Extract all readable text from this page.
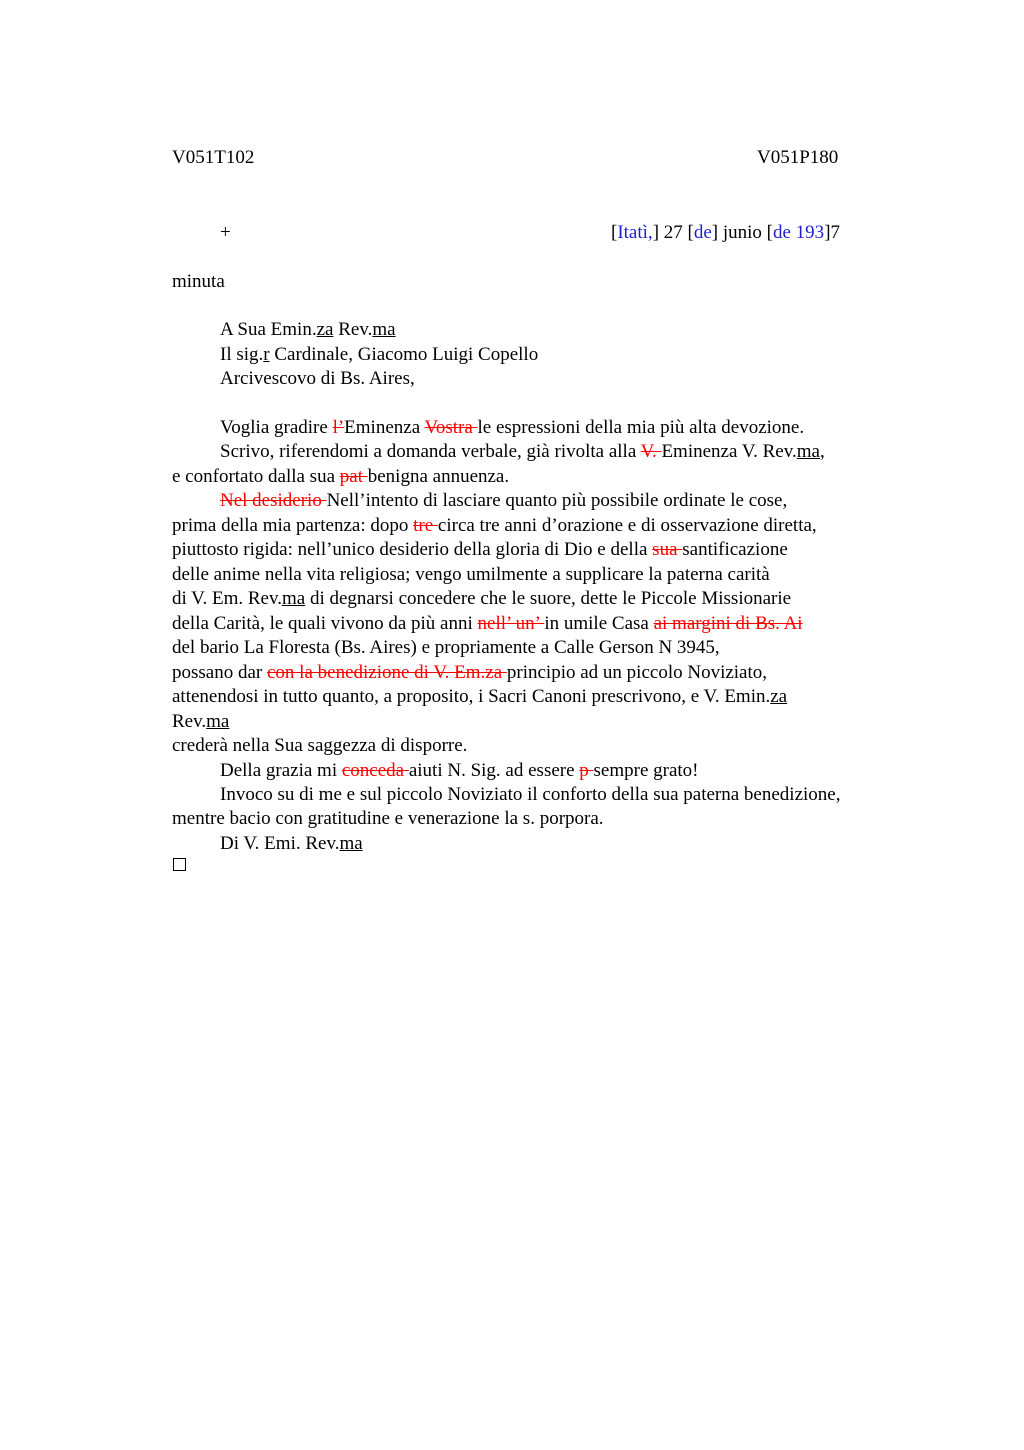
V051T102	V051P180
+	[Itatì,] 27 [de] junio [de 193]7
minuta
A Sua Emin.za Rev.ma
Il sig.r Cardinale, Giacomo Luigi Copello
Arcivescovo di Bs. Aires,
Voglia gradire l’Eminenza Vostra le espressioni della mia più alta devozione.
Scrivo, riferendomi a domanda verbale, già rivolta alla V. Eminenza V. Rev.ma,
e confortato dalla sua pat benigna annuenza.
Nel desiderio Nell’intento di lasciare quanto più possibile ordinate le cose,
prima della mia partenza: dopo tre circa tre anni d’orazione e di osservazione diretta,
piuttosto rigida: nell’unico desiderio della gloria di Dio e della sua santificazione
delle anime nella vita religiosa; vengo umilmente a supplicare la paterna carità
di V. Em. Rev.ma di degnarsi concedere che le suore, dette le Piccole Missionarie
della Carità, le quali vivono da più anni nell’ un’ in umile Casa ai margini di Bs. Ai
del bario La Floresta (Bs. Aires) e propriamente a Calle Gerson N 3945,
possano dar con la benedizione di V. Em.za principio ad un piccolo Noviziato,
attenendosi in tutto quanto, a proposito, i Sacri Canoni prescrivono, e V. Emin.za
Rev.ma
crederà nella Sua saggezza di disporre.
Della grazia mi conceda aiuti N. Sig. ad essere p sempre grato!
Invoco su di me e sul piccolo Noviziato il conforto della sua paterna benedizione,
mentre bacio con gratitudine e venerazione la s. porpora.
Di V. Emi. Rev.ma
